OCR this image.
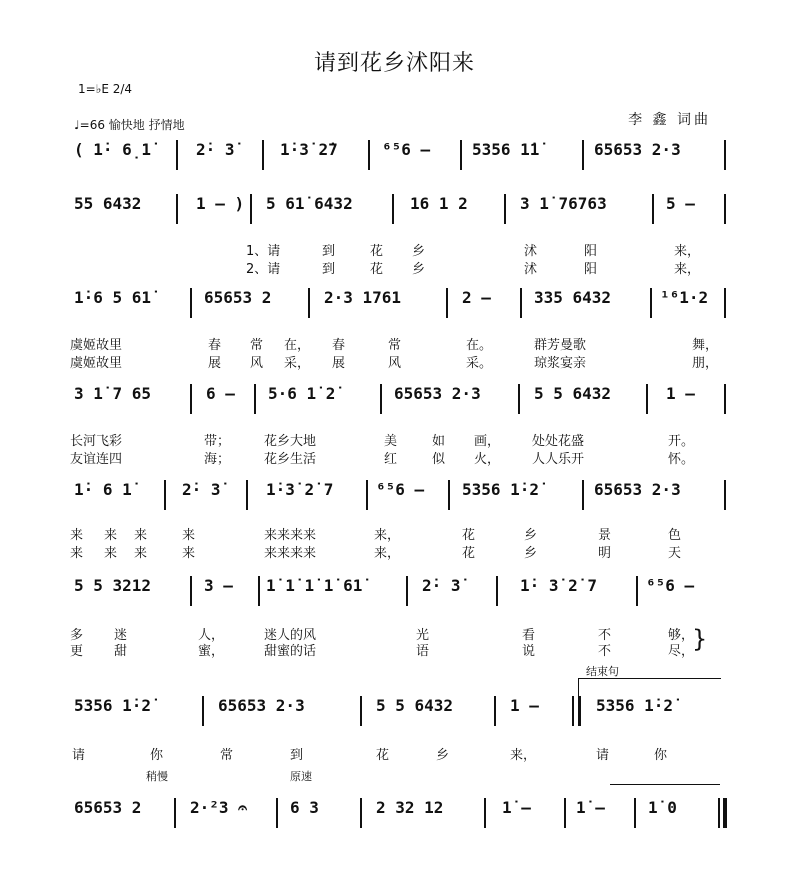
请到花乡沭阳来
1=♭E 2/4
♩=66 愉快地 抒情地	李 鑫 词曲
( 1̇· 6̣1̇	2̇· 3̇	1̇·3̇ 2̇7	⁶⁵6 –	5356 1̇1̇	65653 2·3
55 6432	1 – ) 5 61̇ 6432	16 1 2	3 1̇ 76763	5 –
1、请	到	花 乡	沭	阳	来，
2、请	到	花 乡	沭	阳	来，
1̇·6 5 61̇	65653 2	2·3 1761	2 –	335 6432	¹⁶1·2
虞姬故里	春 常 在， 春	常	在。	群芳曼歌	舞，
虞姬故里	展 风 采， 展	风	采。	琼浆宴亲	朋，
3 1̇ 7 65	6 – 5·6 1̇ 2̇	65653 2·3	5 5 6432	1 –
长河飞彩	带；	花乡大地	美	如 画， 处处花盛	开。
友谊连四	海；	花乡生活	红	似 火， 人人乐开	怀。
1̇· 6 1̇	2̇· 3̇	1̇·3̇ 2̇ 7	⁶⁵6 – 5356 1̇·2̇	65653 2·3
来 来 来	来	来来来来	来，	花	乡	景	色
来 来 来	来	来来来来	来，	花	乡	明	天
5 5 3212	3 – 1̇ 1̇ 1̇ 1̇ 61̇	2̇· 3̇	1̇· 3̇ 2̇ 7	⁶⁵6 –
多 迷	人，	迷人的风	光	看	不	够，
更 甜	蜜，	甜蜜的话	语	说	不	尽，
}
结束句
5356 1̇·2̇	65653 2·3	5 5 6432	1 –	5356 1̇·2̇
请	你	常	到	花	乡	来，	请	你
稍慢	原速
65653 2	2·²3 𝄐	6 3	2 32 12	1̇ –	1̇ –	1̇ 0
